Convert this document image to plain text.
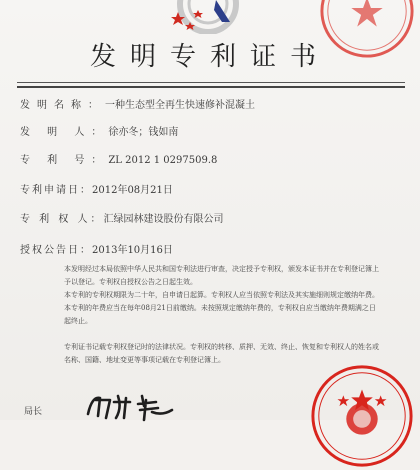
发明专利证书
发明名称：一种生态型全再生快速修补混凝土
发 明 人：徐亦冬；钱如南
专 利 号：ZL 2012 1 0297509.8
专利申请日：2012年08月21日
专 利 权 人：汇绿园林建设股份有限公司
授权公告日：2013年10月16日
本发明经过本局依照中华人民共和国专利法进行审查，决定授予专利权，颁发本证书并在专利登记簿上予以登记。专利权自授权公告之日起生效。
本专利的专利权期限为二十年，自申请日起算。专利权人应当依照专利法及其实施细则规定缴纳年费。本专利的年费应当在每年08月21日前缴纳。未按照规定缴纳年费的，专利权自应当缴纳年费期满之日起终止。
专利证书记载专利权登记时的法律状况。专利权的转移、质押、无效、终止、恢复和专利权人的姓名或名称、国籍、地址变更等事项记载在专利登记簿上。
局长
